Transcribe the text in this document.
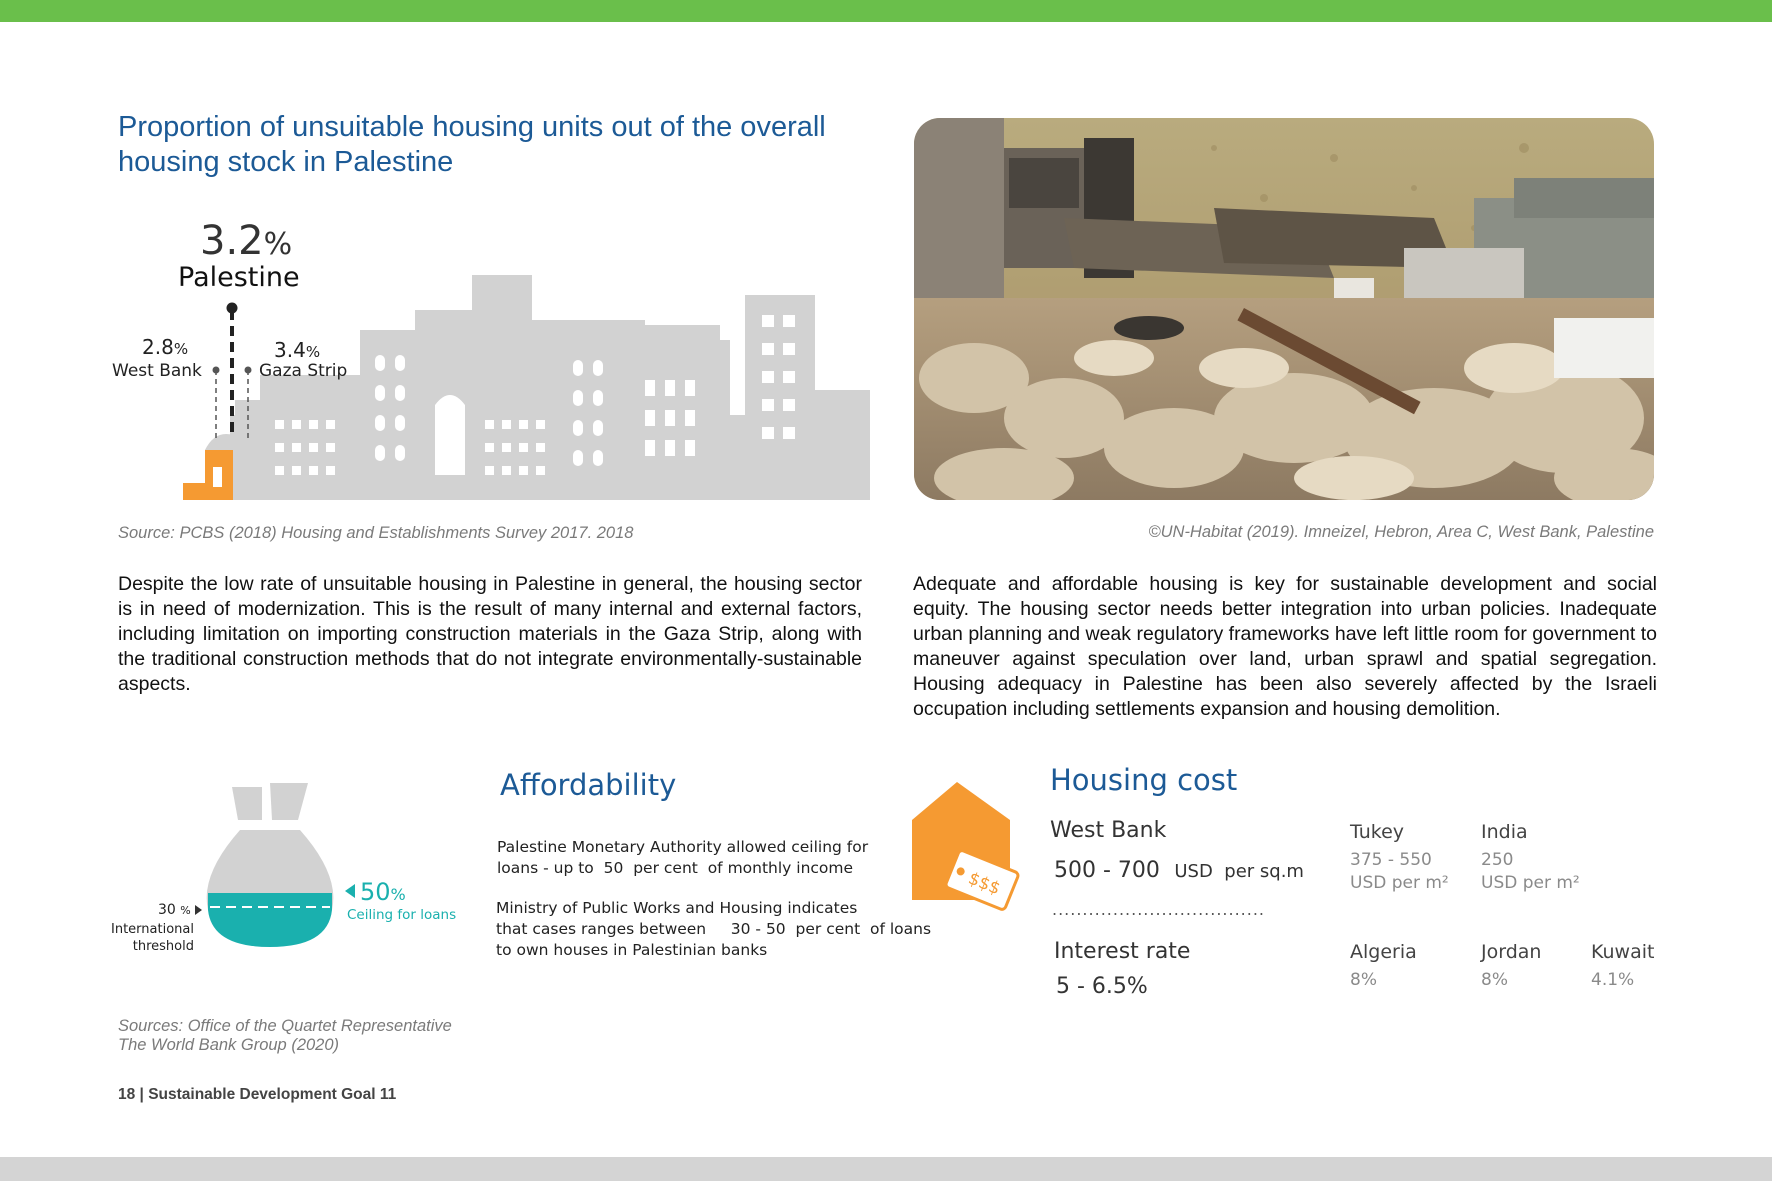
Proportion of unsuitable housing units out of the overall housing stock in Palestine
3.2%
Palestine
2.8%
West Bank
3.4%
Gaza Strip
Source: PCBS (2018) Housing and Establishments Survey 2017. 2018	©UN-Habitat (2019). Imneizel, Hebron, Area C, West Bank, Palestine
Despite the low rate of unsuitable housing in Palestine in general, the housing sector is in need of modernization. This is the result of many internal and external factors, including limitation on importing construction materials in the Gaza Strip, along with the traditional construction methods that do not integrate environmentally-sustainable aspects.
Adequate and affordable housing is key for sustainable development and social equity. The housing sector needs better integration into urban policies. Inadequate urban planning and weak regulatory frameworks have left little room for government to maneuver against speculation over land, urban sprawl and spatial segregation. Housing adequacy in Palestine has been also severely affected by the Israeli occupation including settlements expansion and housing demolition.
50%
Ceiling for loans
30 %
International
threshold
Affordability
Palestine Monetary Authority allowed ceiling for
loans - up to  50  per cent  of monthly income
Ministry of Public Works and Housing indicates
that cases ranges between     30 - 50  per cent  of loans
to own houses in Palestinian banks
Sources: Office of the Quartet Representative
The World Bank Group (2020)
$$$
Housing cost
West Bank
500 - 700 USD  per sq.m
...................................
Interest rate
5 - 6.5%
Tukey
375 - 550
USD per m²
India
250
USD per m²
Algeria
8%
Jordan
8%
Kuwait
4.1%
18 | Sustainable Development Goal 11
